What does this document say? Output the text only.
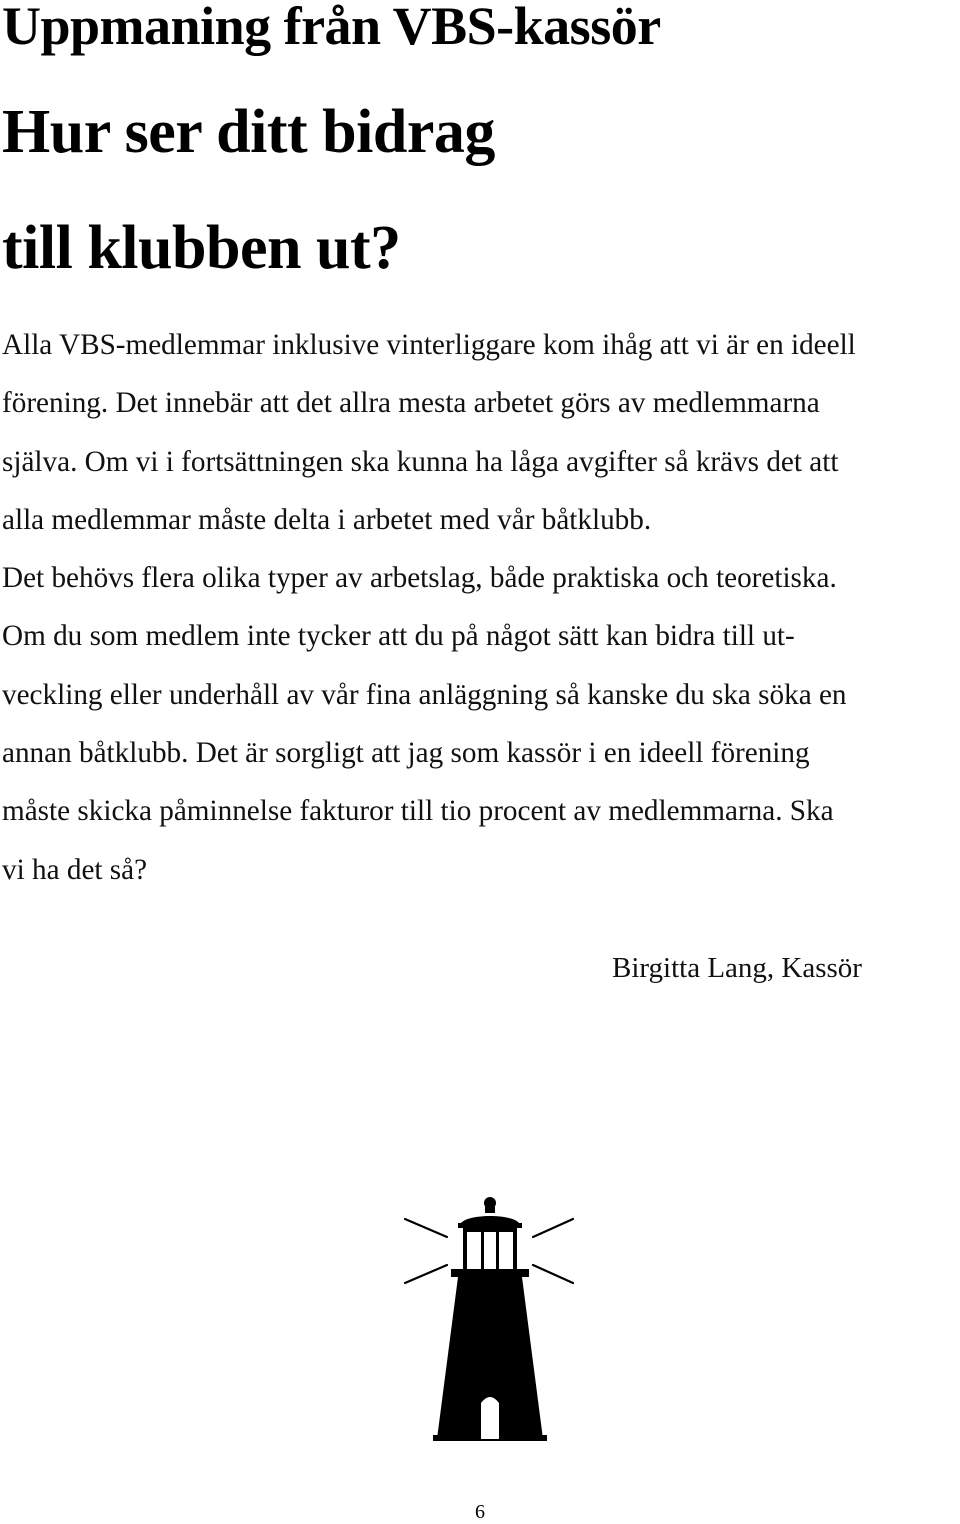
Uppmaning från VBS-kassör
Hur ser ditt bidrag
till klubben ut?

Alla VBS-medlemmar inklusive vinterliggare kom ihåg att vi är en ideell
förening. Det innebär att det allra mesta arbetet görs av medlemmarna
själva. Om vi i fortsättningen ska kunna ha låga avgifter så krävs det att
alla medlemmar måste delta i arbetet med vår båtklubb.
Det behövs flera olika typer av arbetslag, både praktiska och teoretiska.
Om du som medlem inte tycker att du på något sätt kan bidra till ut-
veckling eller underhåll av vår fina anläggning så kanske du ska söka en
annan båtklubb. Det är sorgligt att jag som kassör i en ideell förening
måste skicka påminnelse fakturor till tio procent av medlemmarna. Ska
vi ha det så?

Birgitta Lang, Kassör

6
